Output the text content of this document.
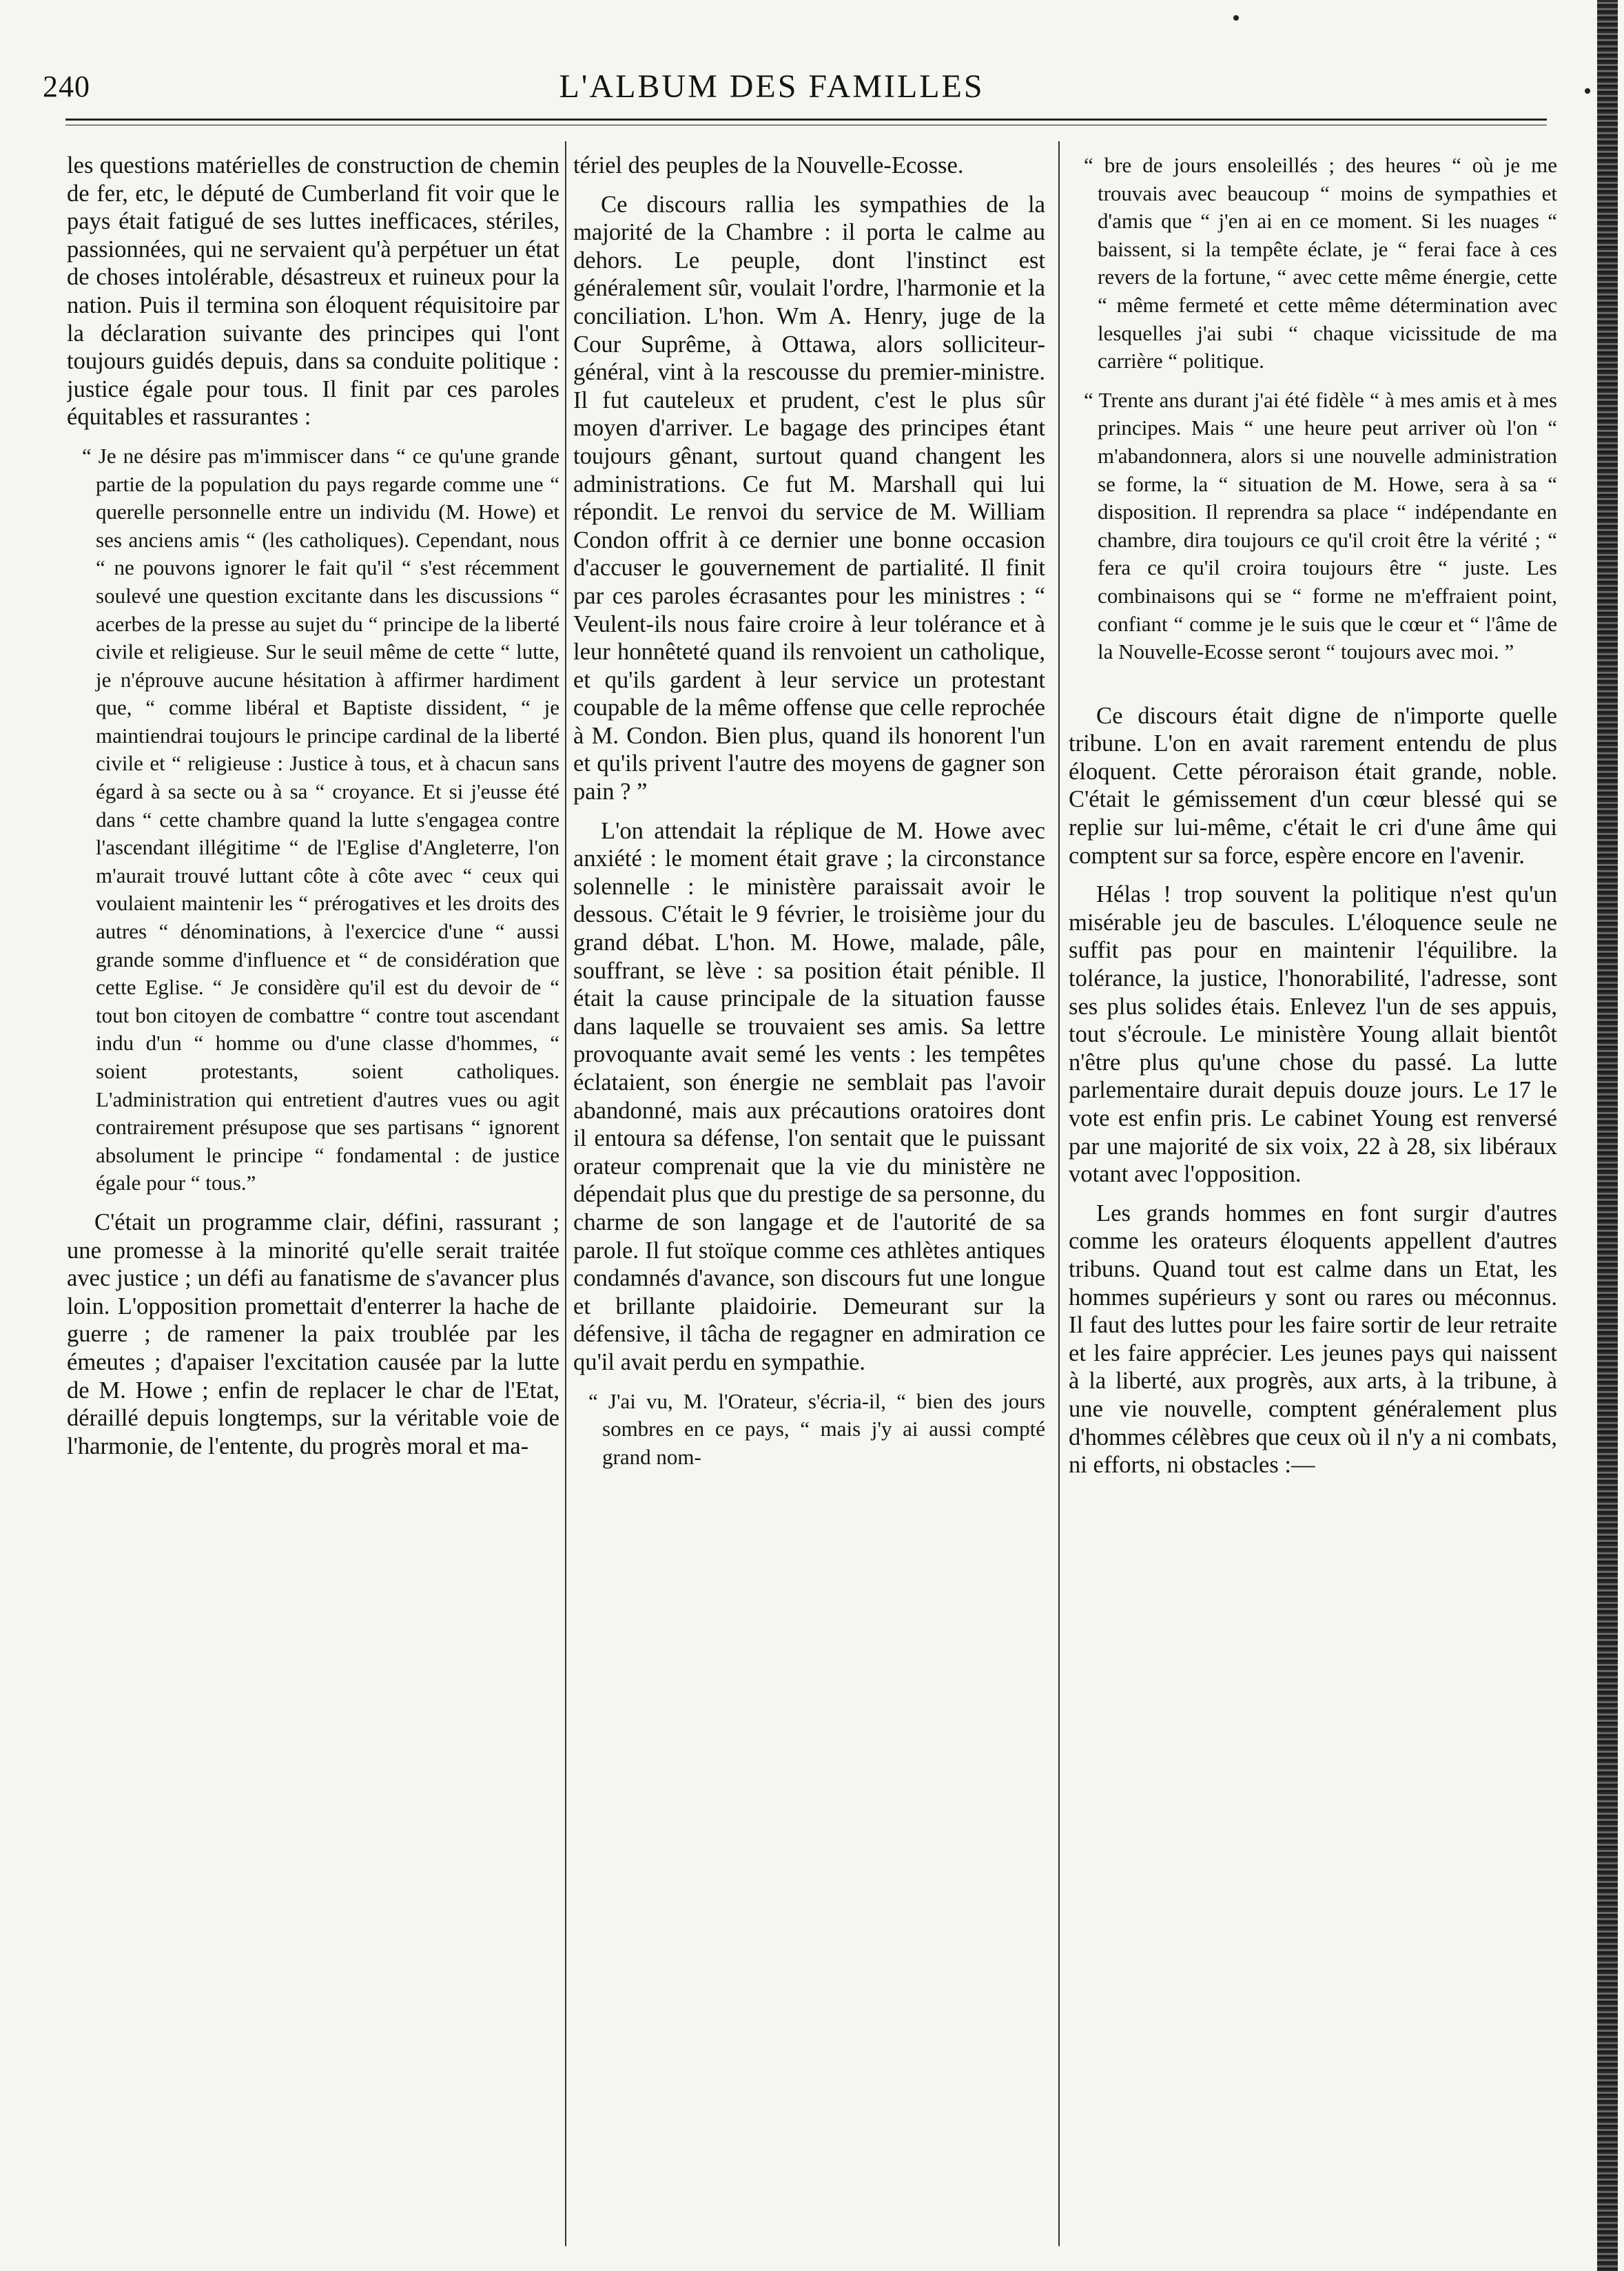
240	L'ALBUM DES FAMILLES

les questions matérielles de construction de chemin de fer, etc, le député de Cumberland fit voir que le pays était fatigué de ses luttes inefficaces, stériles, passionnées, qui ne servaient qu'à perpétuer un état de choses intolérable, désastreux et ruineux pour la nation. Puis il termina son éloquent réquisitoire par la déclaration suivante des principes qui l'ont toujours guidés depuis, dans sa conduite politique : justice égale pour tous. Il finit par ces paroles équitables et rassurantes :

“ Je ne désire pas m'immiscer dans “ ce qu'une grande partie de la population du pays regarde comme une “ querelle personnelle entre un individu (M. Howe) et ses anciens amis “ (les catholiques). Cependant, nous “ ne pouvons ignorer le fait qu'il “ s'est récemment soulevé une question excitante dans les discussions “ acerbes de la presse au sujet du “ principe de la liberté civile et religieuse. Sur le seuil même de cette “ lutte, je n'éprouve aucune hésitation à affirmer hardiment que, “ comme libéral et Baptiste dissident, “ je maintiendrai toujours le principe cardinal de la liberté civile et “ religieuse : Justice à tous, et à chacun sans égard à sa secte ou à sa “ croyance. Et si j'eusse été dans “ cette chambre quand la lutte s'engagea contre l'ascendant illégitime “ de l'Eglise d'Angleterre, l'on m'aurait trouvé luttant côte à côte avec “ ceux qui voulaient maintenir les “ prérogatives et les droits des autres “ dénominations, à l'exercice d'une “ aussi grande somme d'influence et “ de considération que cette Eglise. “ Je considère qu'il est du devoir de “ tout bon citoyen de combattre “ contre tout ascendant indu d'un “ homme ou d'une classe d'hommes, “ soient protestants, soient catholiques. L'administration qui entretient d'autres vues ou agit contrairement présupose que ses partisans “ ignorent absolument le principe “ fondamental : de justice égale pour “ tous.”

C'était un programme clair, défini, rassurant ; une promesse à la minorité qu'elle serait traitée avec justice ; un défi au fanatisme de s'avancer plus loin. L'opposition promettait d'enterrer la hache de guerre ; de ramener la paix troublée par les émeutes ; d'apaiser l'excitation causée par la lutte de M. Howe ; enfin de replacer le char de l'Etat, déraillé depuis longtemps, sur la véritable voie de l'harmonie, de l'entente, du progrès moral et ma-

tériel des peuples de la Nouvelle-Ecosse.

Ce discours rallia les sympathies de la majorité de la Chambre : il porta le calme au dehors. Le peuple, dont l'instinct est généralement sûr, voulait l'ordre, l'harmonie et la conciliation. L'hon. Wm A. Henry, juge de la Cour Suprême, à Ottawa, alors solliciteur-général, vint à la rescousse du premier-ministre. Il fut cauteleux et prudent, c'est le plus sûr moyen d'arriver. Le bagage des principes étant toujours gênant, surtout quand changent les administrations. Ce fut M. Marshall qui lui répondit. Le renvoi du service de M. William Condon offrit à ce dernier une bonne occasion d'accuser le gouvernement de partialité. Il finit par ces paroles écrasantes pour les ministres : “ Veulent-ils nous faire croire à leur tolérance et à leur honnêteté quand ils renvoient un catholique, et qu'ils gardent à leur service un protestant coupable de la même offense que celle reprochée à M. Condon. Bien plus, quand ils honorent l'un et qu'ils privent l'autre des moyens de gagner son pain ? ”

L'on attendait la réplique de M. Howe avec anxiété : le moment était grave ; la circonstance solennelle : le ministère paraissait avoir le dessous. C'était le 9 février, le troisième jour du grand débat. L'hon. M. Howe, malade, pâle, souffrant, se lève : sa position était pénible. Il était la cause principale de la situation fausse dans laquelle se trouvaient ses amis. Sa lettre provoquante avait semé les vents : les tempêtes éclataient, son énergie ne semblait pas l'avoir abandonné, mais aux précautions oratoires dont il entoura sa défense, l'on sentait que le puissant orateur comprenait que la vie du ministère ne dépendait plus que du prestige de sa personne, du charme de son langage et de l'autorité de sa parole. Il fut stoïque comme ces athlètes antiques condamnés d'avance, son discours fut une longue et brillante plaidoirie. Demeurant sur la défensive, il tâcha de regagner en admiration ce qu'il avait perdu en sympathie.

“ J'ai vu, M. l'Orateur, s'écria-il, “ bien des jours sombres en ce pays, “ mais j'y ai aussi compté grand nom-

“ bre de jours ensoleillés ; des heures “ où je me trouvais avec beaucoup “ moins de sympathies et d'amis que “ j'en ai en ce moment. Si les nuages “ baissent, si la tempête éclate, je “ ferai face à ces revers de la fortune, “ avec cette même énergie, cette “ même fermeté et cette même détermination avec lesquelles j'ai subi “ chaque vicissitude de ma carrière “ politique.

“ Trente ans durant j'ai été fidèle “ à mes amis et à mes principes. Mais “ une heure peut arriver où l'on “ m'abandonnera, alors si une nouvelle administration se forme, la “ situation de M. Howe, sera à sa “ disposition. Il reprendra sa place “ indépendante en chambre, dira toujours ce qu'il croit être la vérité ; “ fera ce qu'il croira toujours être “ juste. Les combinaisons qui se “ forme ne m'effraient point, confiant “ comme je le suis que le cœur et “ l'âme de la Nouvelle-Ecosse seront “ toujours avec moi. ”

Ce discours était digne de n'importe quelle tribune. L'on en avait rarement entendu de plus éloquent. Cette péroraison était grande, noble. C'était le gémissement d'un cœur blessé qui se replie sur lui-même, c'était le cri d'une âme qui comptent sur sa force, espère encore en l'avenir.

Hélas ! trop souvent la politique n'est qu'un misérable jeu de bascules. L'éloquence seule ne suffit pas pour en maintenir l'équilibre. la tolérance, la justice, l'honorabilité, l'adresse, sont ses plus solides étais. Enlevez l'un de ses appuis, tout s'écroule. Le ministère Young allait bientôt n'être plus qu'une chose du passé. La lutte parlementaire durait depuis douze jours. Le 17 le vote est enfin pris. Le cabinet Young est renversé par une majorité de six voix, 22 à 28, six libéraux votant avec l'opposition.

Les grands hommes en font surgir d'autres comme les orateurs éloquents appellent d'autres tribuns. Quand tout est calme dans un Etat, les hommes supérieurs y sont ou rares ou méconnus. Il faut des luttes pour les faire sortir de leur retraite et les faire apprécier. Les jeunes pays qui naissent à la liberté, aux progrès, aux arts, à la tribune, à une vie nouvelle, comptent généralement plus d'hommes célèbres que ceux où il n'y a ni combats, ni efforts, ni obstacles :—
